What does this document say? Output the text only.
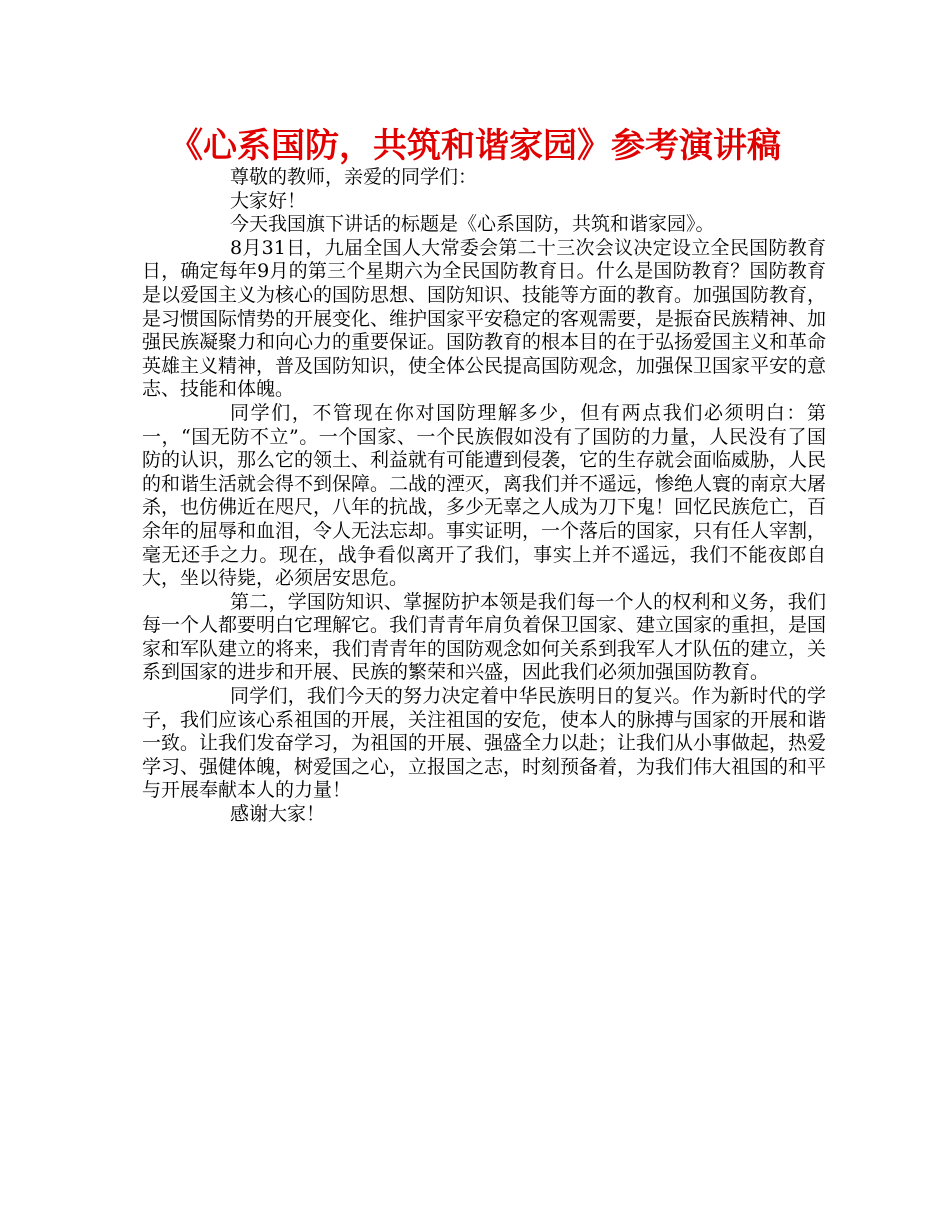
《心系国防，共筑和谐家园》参考演讲稿

尊敬的教师，亲爱的同学们：

大家好！

今天我国旗下讲话的标题是《心系国防，共筑和谐家园》。

8月31日，九届全国人大常委会第二十三次会议决定设立全民国防教育日，确定每年9月的第三个星期六为全民国防教育日。什么是国防教育？国防教育是以爱国主义为核心的国防思想、国防知识、技能等方面的教育。加强国防教育，是习惯国际情势的开展变化、维护国家平安稳定的客观需要，是振奋民族精神、加强民族凝聚力和向心力的重要保证。国防教育的根本目的在于弘扬爱国主义和革命英雄主义精神，普及国防知识，使全体公民提高国防观念，加强保卫国家平安的意志、技能和体魄。

同学们，不管现在你对国防理解多少，但有两点我们必须明白：第一，“国无防不立”。一个国家、一个民族假如没有了国防的力量，人民没有了国防的认识，那么它的领土、利益就有可能遭到侵袭，它的生存就会面临威胁，人民的和谐生活就会得不到保障。二战的湮灭，离我们并不遥远，惨绝人寰的南京大屠杀，也仿佛近在咫尺，八年的抗战，多少无辜之人成为刀下鬼！回忆民族危亡，百余年的屈辱和血泪，令人无法忘却。事实证明，一个落后的国家，只有任人宰割，毫无还手之力。现在，战争看似离开了我们，事实上并不遥远，我们不能夜郎自大，坐以待毙，必须居安思危。

第二，学国防知识、掌握防护本领是我们每一个人的权利和义务，我们每一个人都要明白它理解它。我们青青年肩负着保卫国家、建立国家的重担，是国家和军队建立的将来，我们青青年的国防观念如何关系到我军人才队伍的建立，关系到国家的进步和开展、民族的繁荣和兴盛，因此我们必须加强国防教育。

同学们，我们今天的努力决定着中华民族明日的复兴。作为新时代的学子，我们应该心系祖国的开展，关注祖国的安危，使本人的脉搏与国家的开展和谐一致。让我们发奋学习，为祖国的开展、强盛全力以赴；让我们从小事做起，热爱学习、强健体魄，树爱国之心，立报国之志，时刻预备着，为我们伟大祖国的和平与开展奉献本人的力量！

感谢大家！
